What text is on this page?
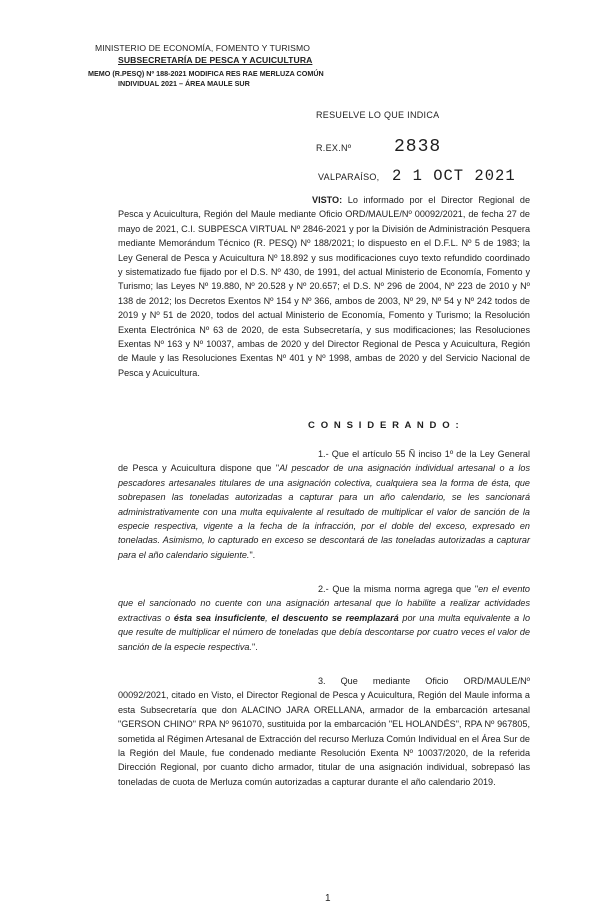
MINISTERIO DE ECONOMÍA, FOMENTO Y TURISMO
SUBSECRETARÍA DE PESCA Y ACUICULTURA
MEMO (R.PESQ) Nº 188-2021 MODIFICA RES RAE MERLUZA COMÚN
INDIVIDUAL 2021 – ÁREA MAULE SUR
RESUELVE LO QUE INDICA
R.EX.Nº 2838
VALPARAÍSO, 2 1 OCT 2021
VISTO: Lo informado por el Director Regional de Pesca y Acuicultura, Región del Maule mediante Oficio ORD/MAULE/Nº 00092/2021, de fecha 27 de mayo de 2021, C.I. SUBPESCA VIRTUAL Nº 2846-2021 y por la División de Administración Pesquera mediante Memorándum Técnico (R. PESQ) Nº 188/2021; lo dispuesto en el D.F.L. Nº 5 de 1983; la Ley General de Pesca y Acuicultura Nº 18.892 y sus modificaciones cuyo texto refundido coordinado y sistematizado fue fijado por el D.S. Nº 430, de 1991, del actual Ministerio de Economía, Fomento y Turismo; las Leyes Nº 19.880, Nº 20.528 y Nº 20.657; el D.S. Nº 296 de 2004, Nº 223 de 2010 y Nº 138 de 2012; los Decretos Exentos Nº 154 y Nº 366, ambos de 2003, Nº 29, Nº 54 y Nº 242 todos de 2019 y Nº 51 de 2020, todos del actual Ministerio de Economía, Fomento y Turismo; la Resolución Exenta Electrónica Nº 63 de 2020, de esta Subsecretaría, y sus modificaciones; las Resoluciones Exentas Nº 163 y Nº 10037, ambas de 2020 y del Director Regional de Pesca y Acuicultura, Región de Maule y las Resoluciones Exentas Nº 401 y Nº 1998, ambas de 2020 y del Servicio Nacional de Pesca y Acuicultura.
C O N S I D E R A N D O :
1.- Que el artículo 55 Ñ inciso 1º de la Ley General de Pesca y Acuicultura dispone que "Al pescador de una asignación individual artesanal o a los pescadores artesanales titulares de una asignación colectiva, cualquiera sea la forma de ésta, que sobrepasen las toneladas autorizadas a capturar para un año calendario, se les sancionará administrativamente con una multa equivalente al resultado de multiplicar el valor de sanción de la especie respectiva, vigente a la fecha de la infracción, por el doble del exceso, expresado en toneladas. Asimismo, lo capturado en exceso se descontará de las toneladas autorizadas a capturar para el año calendario siguiente.".
2.- Que la misma norma agrega que "en el evento que el sancionado no cuente con una asignación artesanal que lo habilite a realizar actividades extractivas o ésta sea insuficiente, el descuento se reemplazará por una multa equivalente a lo que resulte de multiplicar el número de toneladas que debía descontarse por cuatro veces el valor de sanción de la especie respectiva.".
3. Que mediante Oficio ORD/MAULE/Nº 00092/2021, citado en Visto, el Director Regional de Pesca y Acuicultura, Región del Maule informa a esta Subsecretaría que don ALACINO JARA ORELLANA, armador de la embarcación artesanal "GERSON CHINO" RPA Nº 961070, sustituida por la embarcación "EL HOLANDÉS", RPA Nº 967805, sometida al Régimen Artesanal de Extracción del recurso Merluza Común Individual en el Área Sur de la Región del Maule, fue condenado mediante Resolución Exenta Nº 10037/2020, de la referida Dirección Regional, por cuanto dicho armador, titular de una asignación individual, sobrepasó las toneladas de cuota de Merluza común autorizadas a capturar durante el año calendario 2019.
1
